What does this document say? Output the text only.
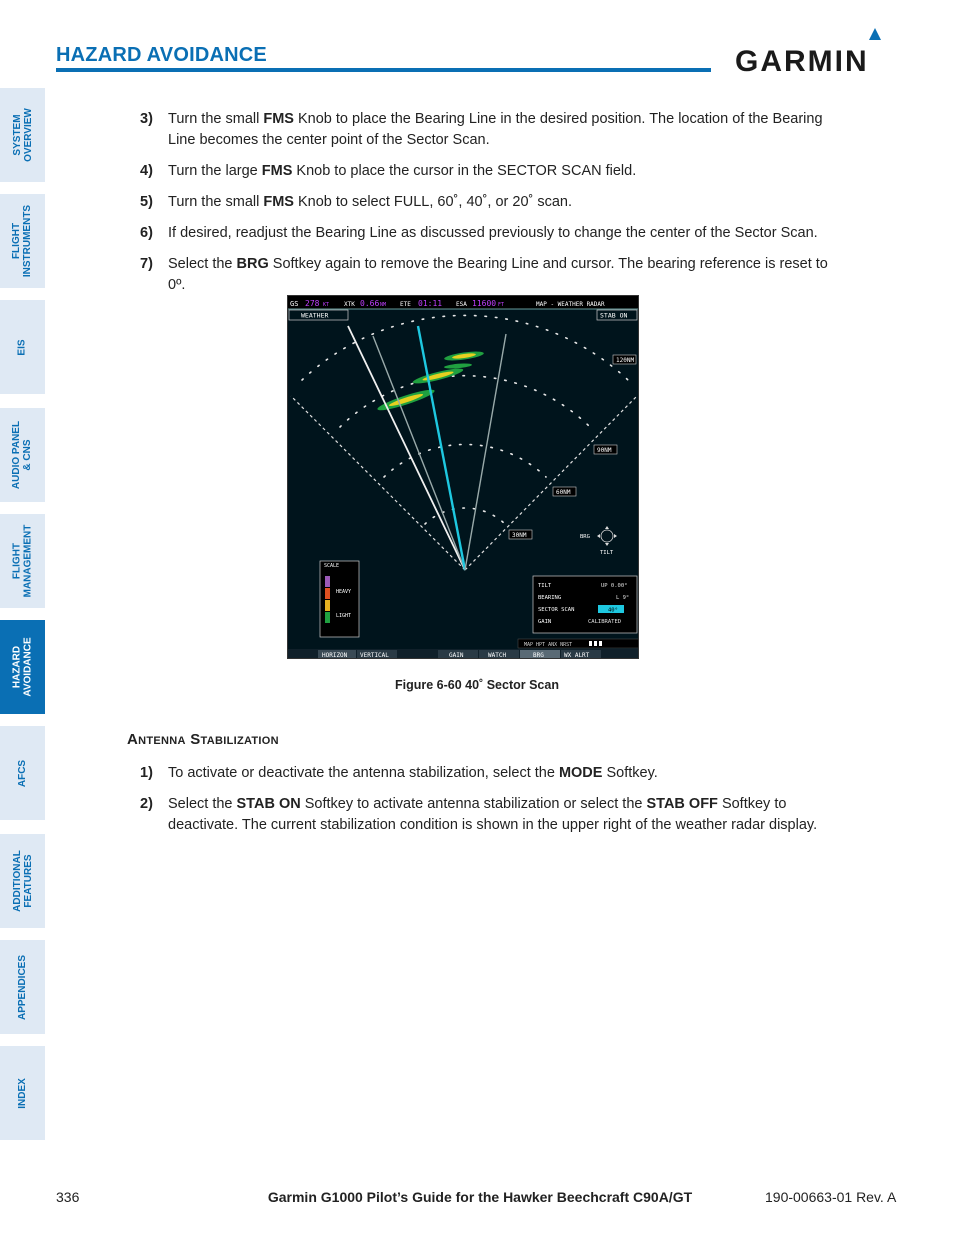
HAZARD AVOIDANCE	GARMIN
SYSTEM
OVERVIEW
FLIGHT
INSTRUMENTS
EIS
AUDIO PANEL
& CNS
FLIGHT
MANAGEMENT
HAZARD
AVOIDANCE
AFCS
ADDITIONAL
FEATURES
APPENDICES
INDEX
3) Turn the small FMS Knob to place the Bearing Line in the desired position. The location of the Bearing Line becomes the center point of the Sector Scan.
4) Turn the large FMS Knob to place the cursor in the SECTOR SCAN field.
5) Turn the small FMS Knob to select FULL, 60˚, 40˚, or 20˚ scan.
6) If desired, readjust the Bearing Line as discussed previously to change the center of the Sector Scan.
7) Select the BRG Softkey again to remove the Bearing Line and cursor. The bearing reference is reset to 0º.
GS 278 KT XTK 0.66 NM ETE 01:11 ESA 11600 FT	MAP - WEATHER RADAR
WEATHER	STAB ON
120NM
90NM
60NM
30NM	BRG
TILT
SCALE
HEAVY
LIGHT
TILT	UP 0.00°
BEARING	L 9°
SECTOR SCAN	40°
GAIN	CALIBRATED
MAP HPT ANX NRST
HORIZON VERTICAL	GAIN	WATCH	BRG	WX ALRT
Figure 6-60 40˚ Sector Scan
Antenna Stabilization
1) To activate or deactivate the antenna stabilization, select the MODE Softkey.
2) Select the STAB ON Softkey to activate antenna stabilization or select the STAB OFF Softkey to deactivate. The current stabilization condition is shown in the upper right of the weather radar display.
336	Garmin G1000 Pilot’s Guide for the Hawker Beechcraft C90A/GT	190-00663-01 Rev. A
